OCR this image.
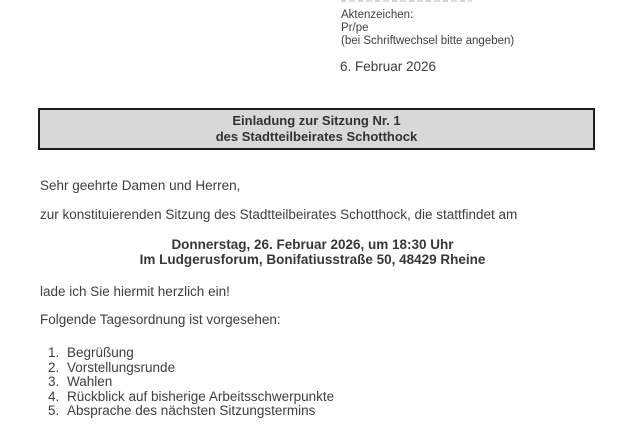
Aktenzeichen:
Pr/pe
(bei Schriftwechsel bitte angeben)
6. Februar 2026
Einladung zur Sitzung Nr. 1
des Stadtteilbeirates Schotthock
Sehr geehrte Damen und Herren,
zur konstituierenden Sitzung des Stadtteilbeirates Schotthock, die stattfindet am
Donnerstag, 26. Februar 2026, um 18:30 Uhr
Im Ludgerusforum, Bonifatiusstraße 50, 48429 Rheine
lade ich Sie hiermit herzlich ein!
Folgende Tagesordnung ist vorgesehen:
1. Begrüßung
2. Vorstellungsrunde
3. Wahlen
4. Rückblick auf bisherige Arbeitsschwerpunkte
5. Absprache des nächsten Sitzungstermins
